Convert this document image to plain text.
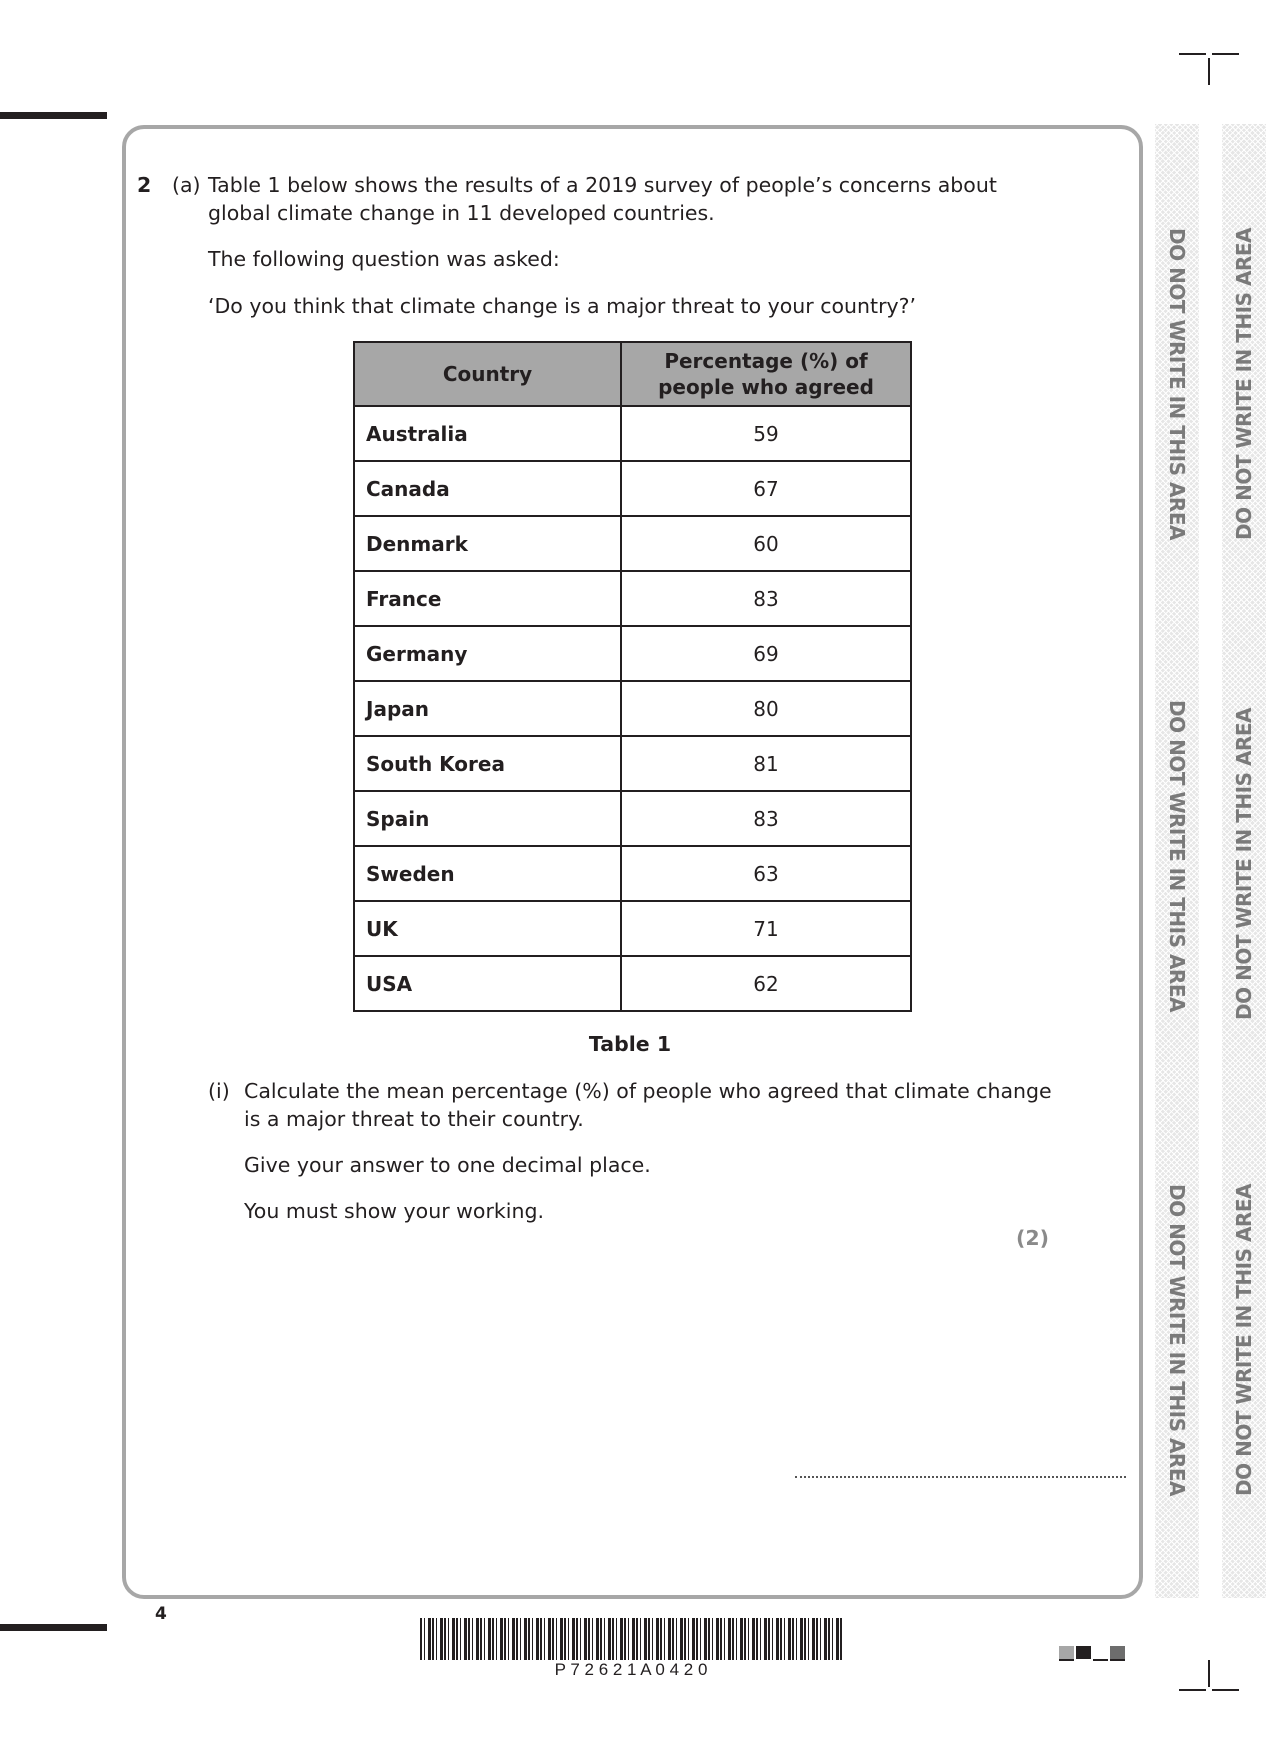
DO NOT WRITE IN THIS AREA
DO NOT WRITE IN THIS AREA
DO NOT WRITE IN THIS AREA
DO NOT WRITE IN THIS AREA
DO NOT WRITE IN THIS AREA
DO NOT WRITE IN THIS AREA
2 (a) Table 1 below shows the results of a 2019 survey of people’s concerns about
global climate change in 11 developed countries.
The following question was asked:
‘Do you think that climate change is a major threat to your country?’
Country	Percentage (%) of
people who agreed
Australia	59
Canada	67
Denmark	60
France	83
Germany	69
Japan	80
South Korea	81
Spain	83
Sweden	63
UK	71
USA	62
Table 1
(i) Calculate the mean percentage (%) of people who agreed that climate change
is a major threat to their country.
Give your answer to one decimal place.
You must show your working.
(2)
4
P 7 2 6 2 1 A 0 4 2 0
